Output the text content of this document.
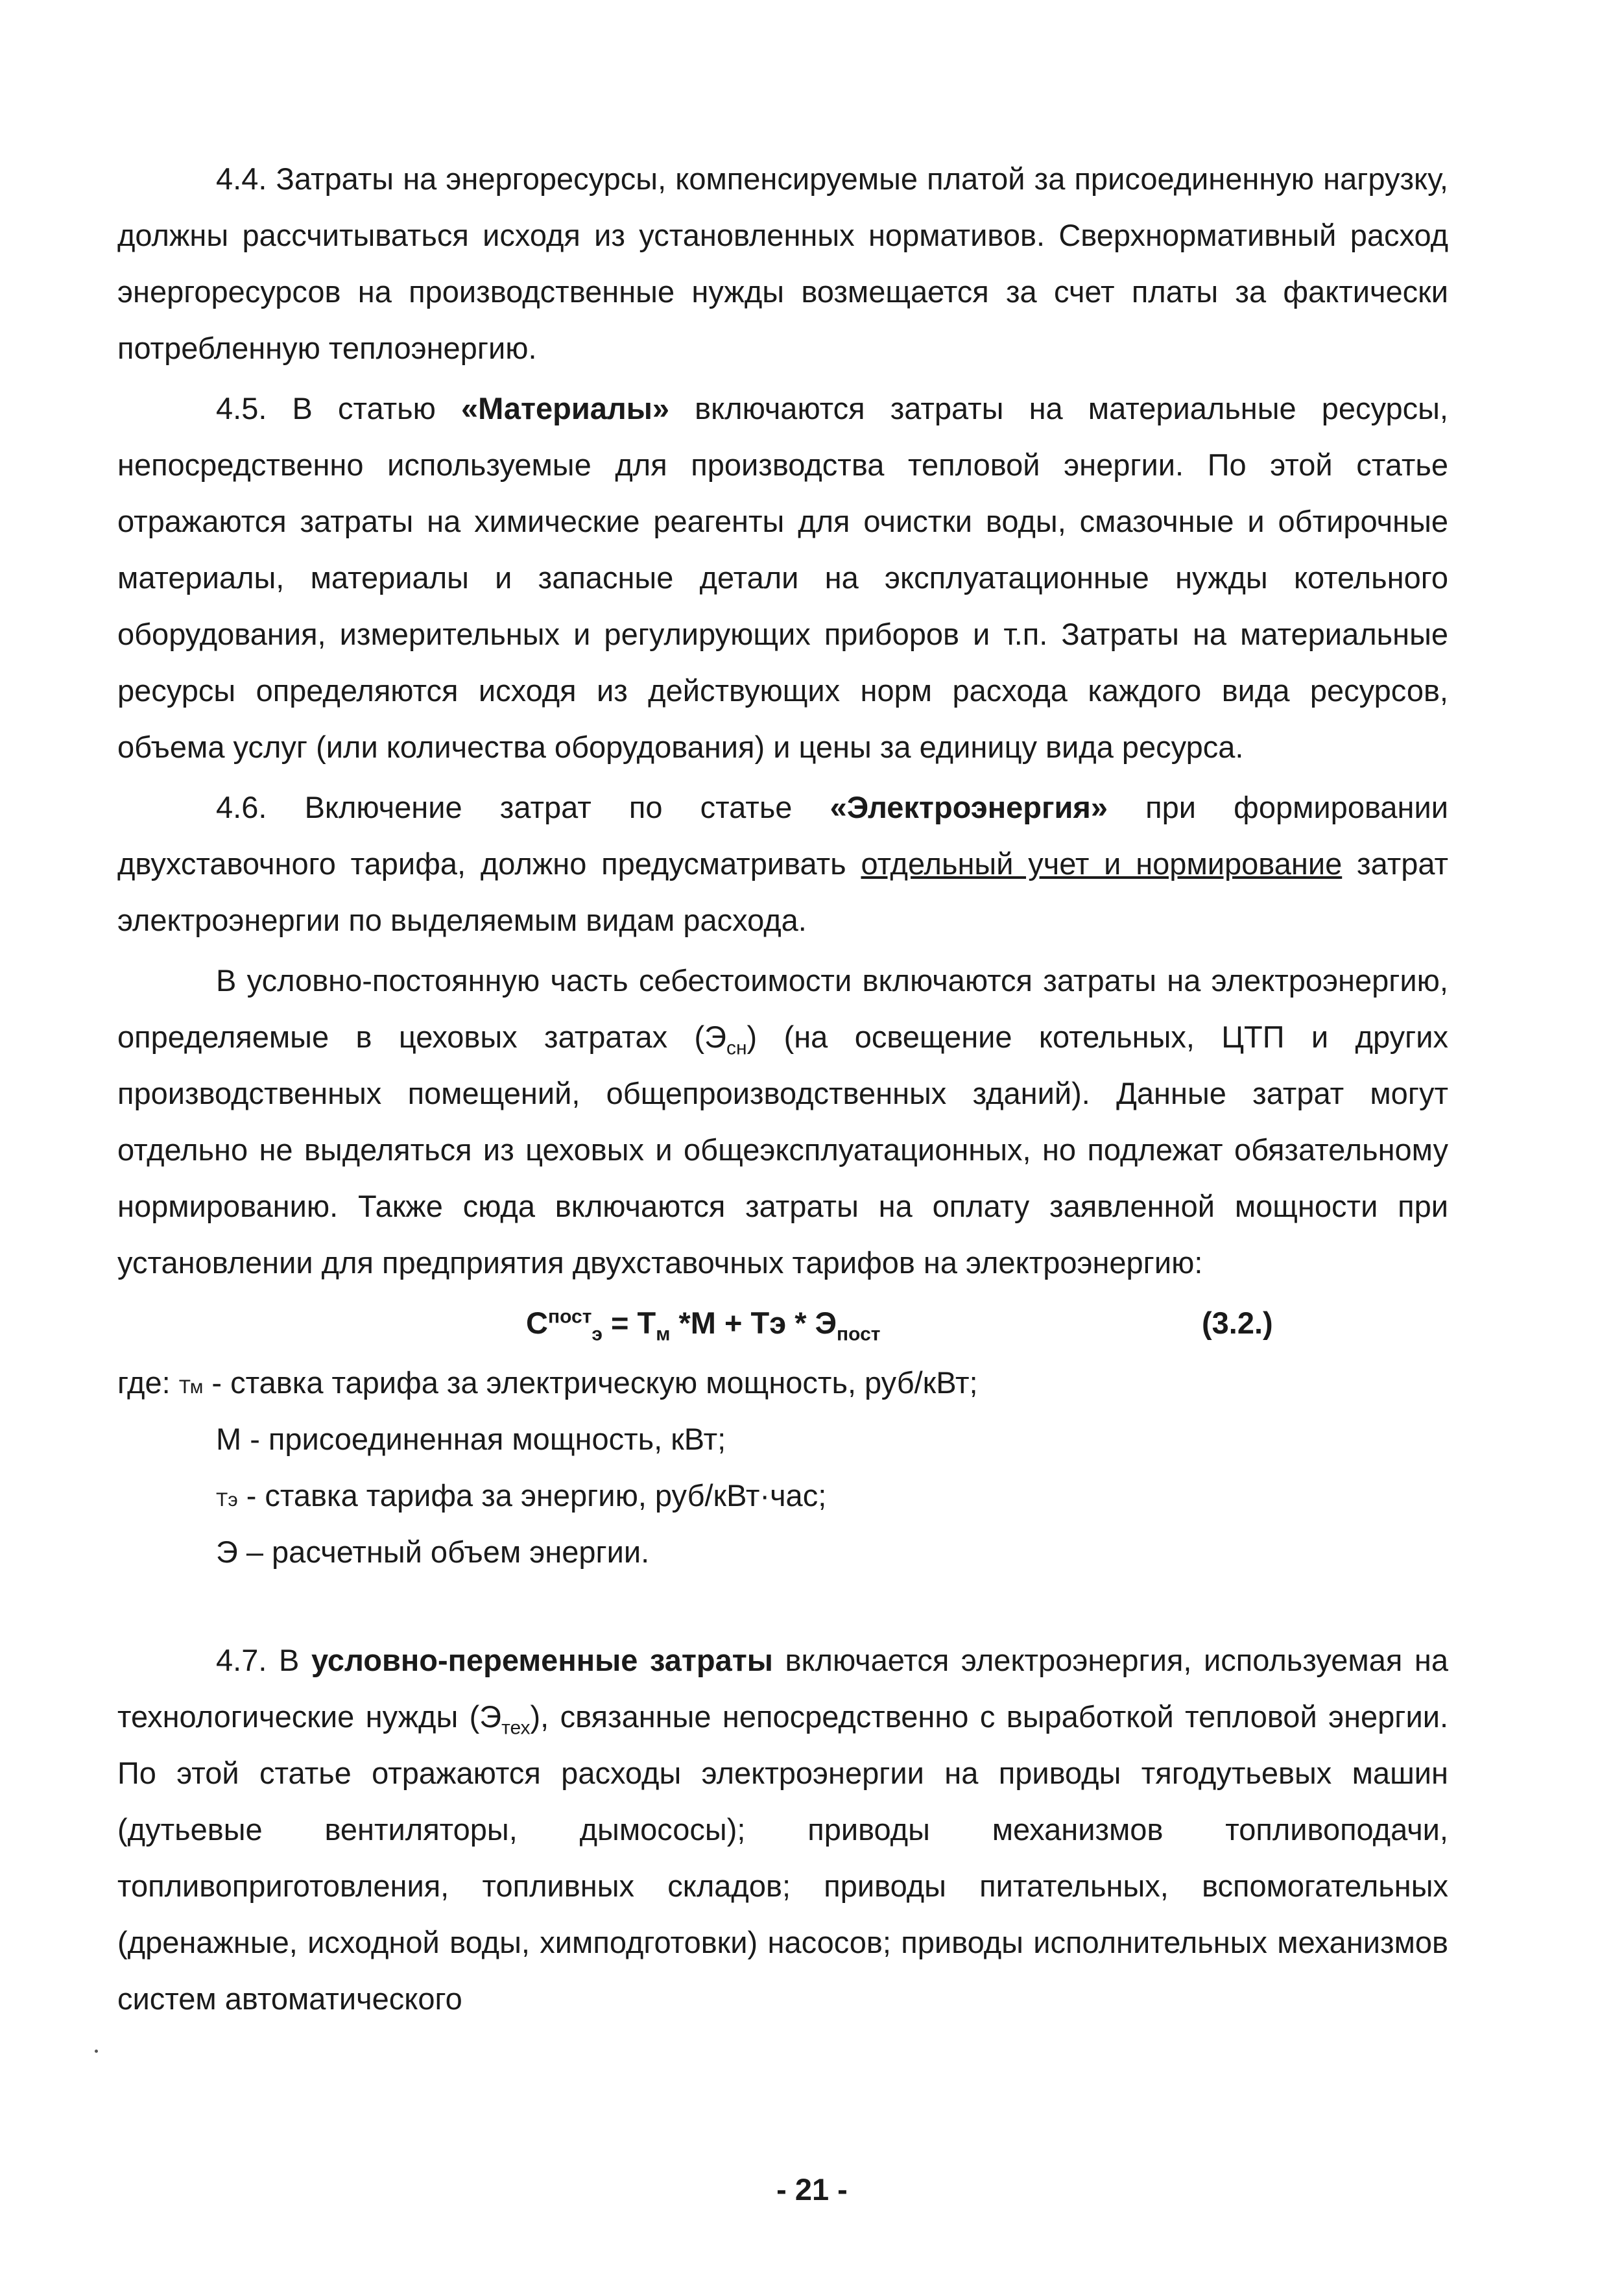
4.4. Затраты на энергоресурсы, компенсируемые платой за присоединенную нагрузку, должны рассчитываться исходя из установленных нормативов. Сверхнормативный расход энергоресурсов на производственные нужды возмещается за счет платы за фактически потребленную теплоэнергию.

4.5. В статью «Материалы» включаются затраты на материальные ресурсы, непосредственно используемые для производства тепловой энергии. По этой статье отражаются затраты на химические реагенты для очистки воды, смазочные и обтирочные материалы, материалы и запасные детали на эксплуатационные нужды котельного оборудования, измерительных и регулирующих приборов и т.п. Затраты на материальные ресурсы определяются исходя из действующих норм расхода каждого вида ресурсов, объема услуг (или количества оборудования) и цены за единицу вида ресурса.

4.6. Включение затрат по статье «Электроэнергия» при формировании двухставочного тарифа, должно предусматривать отдельный учет и нормирование затрат электроэнергии по выделяемым видам расхода.

В условно-постоянную часть себестоимости включаются затраты на электроэнергию, определяемые в цеховых затратах $(Э_{сн})$ (на освещение котельных, ЦТП и других производственных помещений, общепроизводственных зданий). Данные затрат могут отдельно не выделяться из цеховых и общеэксплуатационных, но подлежат обязательному нормированию. Также сюда включаются затраты на оплату заявленной мощности при установлении для предприятия двухставочных тарифов на электроэнергию:

$С^{пост}_э = Т_м$ *М + Тэ * $Э_{пост}$	(3.2.)

где: Тм - ставка тарифа за электрическую мощность, руб/кВт;

М - присоединенная мощность, кВт;

Тэ - ставка тарифа за энергию, руб/кВт·час;

Э – расчетный объем энергии.

4.7. В условно-переменные затраты включается электроэнергия, используемая на технологические нужды $(Э_{тех})$, связанные непосредственно с выработкой тепловой энергии. По этой статье отражаются расходы электроэнергии на приводы тягодутьевых машин (дутьевые вентиляторы, дымососы); приводы механизмов топливоподачи, топливоприготовления, топливных складов; приводы питательных, вспомогательных (дренажные, исходной воды, химподготовки) насосов; приводы исполнительных механизмов систем автоматического

- 21 -
